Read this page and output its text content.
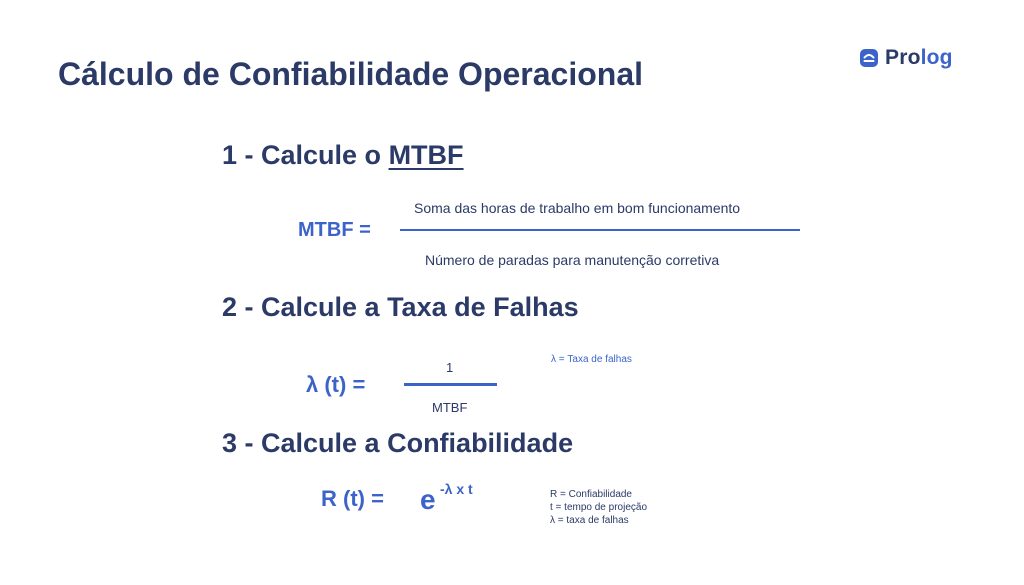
Cálculo de Confiabilidade Operacional	Prolog
1 - Calcule o MTBF
MTBF =
Soma das horas de trabalho em bom funcionamento
Número de paradas para manutenção corretiva
2 - Calcule a Taxa de Falhas
λ (t) =
1
MTBF
λ = Taxa de falhas
3 - Calcule a Confiabilidade
R (t) = e -λ x t	R = Confiabilidade
t = tempo de projeção
λ = taxa de falhas
